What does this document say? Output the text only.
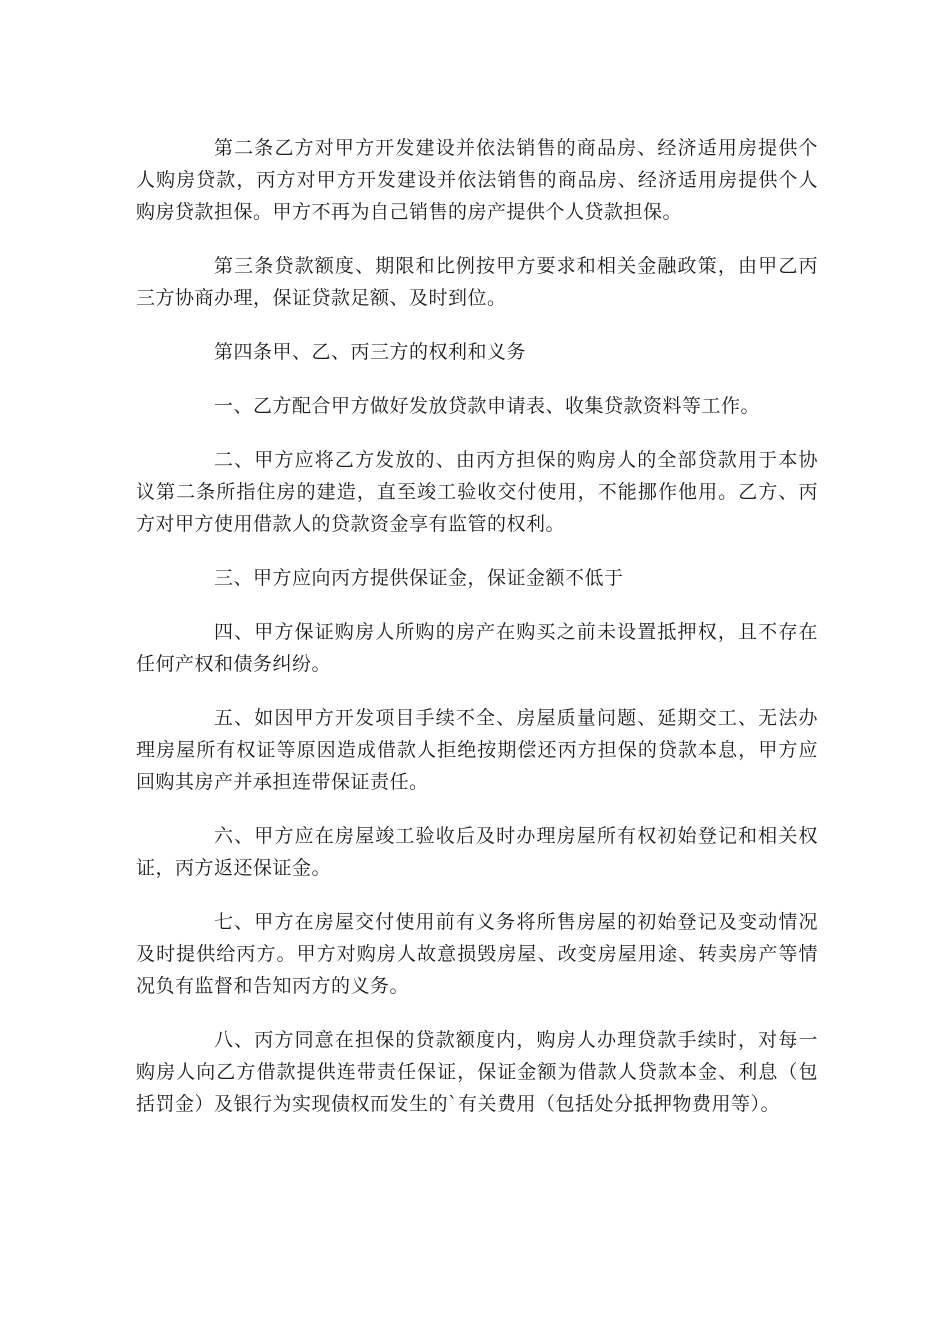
第二条乙方对甲方开发建设并依法销售的商品房、经济适用房提供个人购房贷款，丙方对甲方开发建设并依法销售的商品房、经济适用房提供个人购房贷款担保。甲方不再为自己销售的房产提供个人贷款担保。

第三条贷款额度、期限和比例按甲方要求和相关金融政策，由甲乙丙三方协商办理，保证贷款足额、及时到位。

第四条甲、乙、丙三方的权利和义务

一、乙方配合甲方做好发放贷款申请表、收集贷款资料等工作。

二、甲方应将乙方发放的、由丙方担保的购房人的全部贷款用于本协议第二条所指住房的建造，直至竣工验收交付使用，不能挪作他用。乙方、丙方对甲方使用借款人的贷款资金享有监管的权利。

三、甲方应向丙方提供保证金，保证金额不低于

四、甲方保证购房人所购的房产在购买之前未设置抵押权，且不存在任何产权和债务纠纷。

五、如因甲方开发项目手续不全、房屋质量问题、延期交工、无法办理房屋所有权证等原因造成借款人拒绝按期偿还丙方担保的贷款本息，甲方应回购其房产并承担连带保证责任。

六、甲方应在房屋竣工验收后及时办理房屋所有权初始登记和相关权证，丙方返还保证金。

七、甲方在房屋交付使用前有义务将所售房屋的初始登记及变动情况及时提供给丙方。甲方对购房人故意损毁房屋、改变房屋用途、转卖房产等情况负有监督和告知丙方的义务。

八、丙方同意在担保的贷款额度内，购房人办理贷款手续时，对每一购房人向乙方借款提供连带责任保证，保证金额为借款人贷款本金、利息（包括罚金）及银行为实现债权而发生的`有关费用（包括处分抵押物费用等）。
